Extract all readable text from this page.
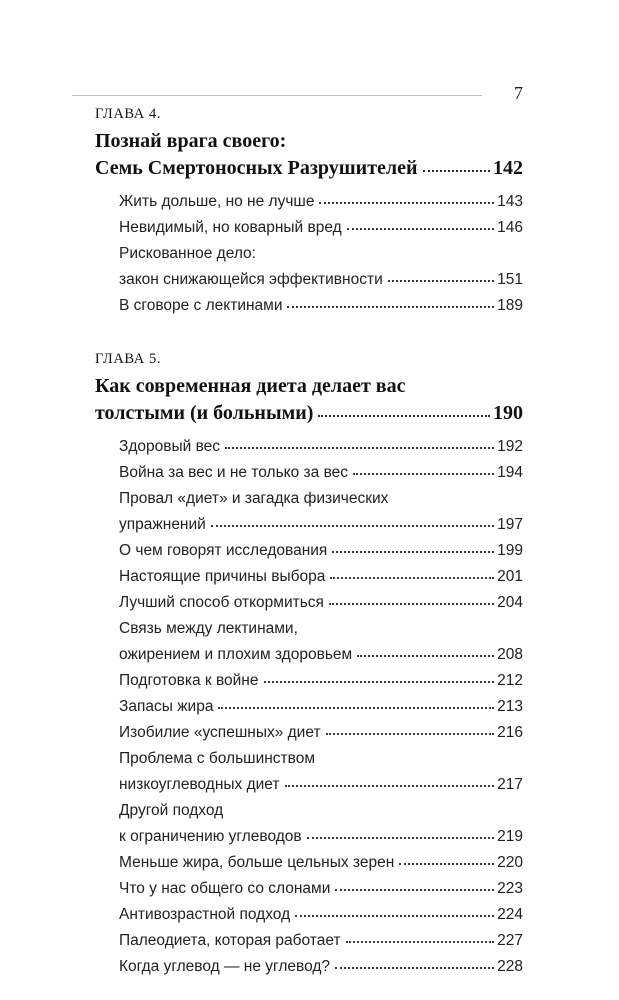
7
ГЛАВА 4.
Познай врага своего:
Семь Смертоносных Разрушителей	142
Жить дольше, но не лучше	143
Невидимый, но коварный вред	146
Рискованное дело:
закон снижающейся эффективности	151
В сговоре с лектинами	189
ГЛАВА 5.
Как современная диета делает вас
толстыми (и больными)	190
Здоровый вес	192
Война за вес и не только за вес	194
Провал «диет» и загадка физических
упражнений	197
О чем говорят исследования	199
Настоящие причины выбора	201
Лучший способ откормиться	204
Связь между лектинами,
ожирением и плохим здоровьем	208
Подготовка к войне	212
Запасы жира	213
Изобилие «успешных» диет	216
Проблема с большинством
низкоуглеводных диет	217
Другой подход
к ограничению углеводов	219
Меньше жира, больше цельных зерен	220
Что у нас общего со слонами	223
Антивозрастной подход	224
Палеодиета, которая работает	227
Когда углевод — не углевод?	228
